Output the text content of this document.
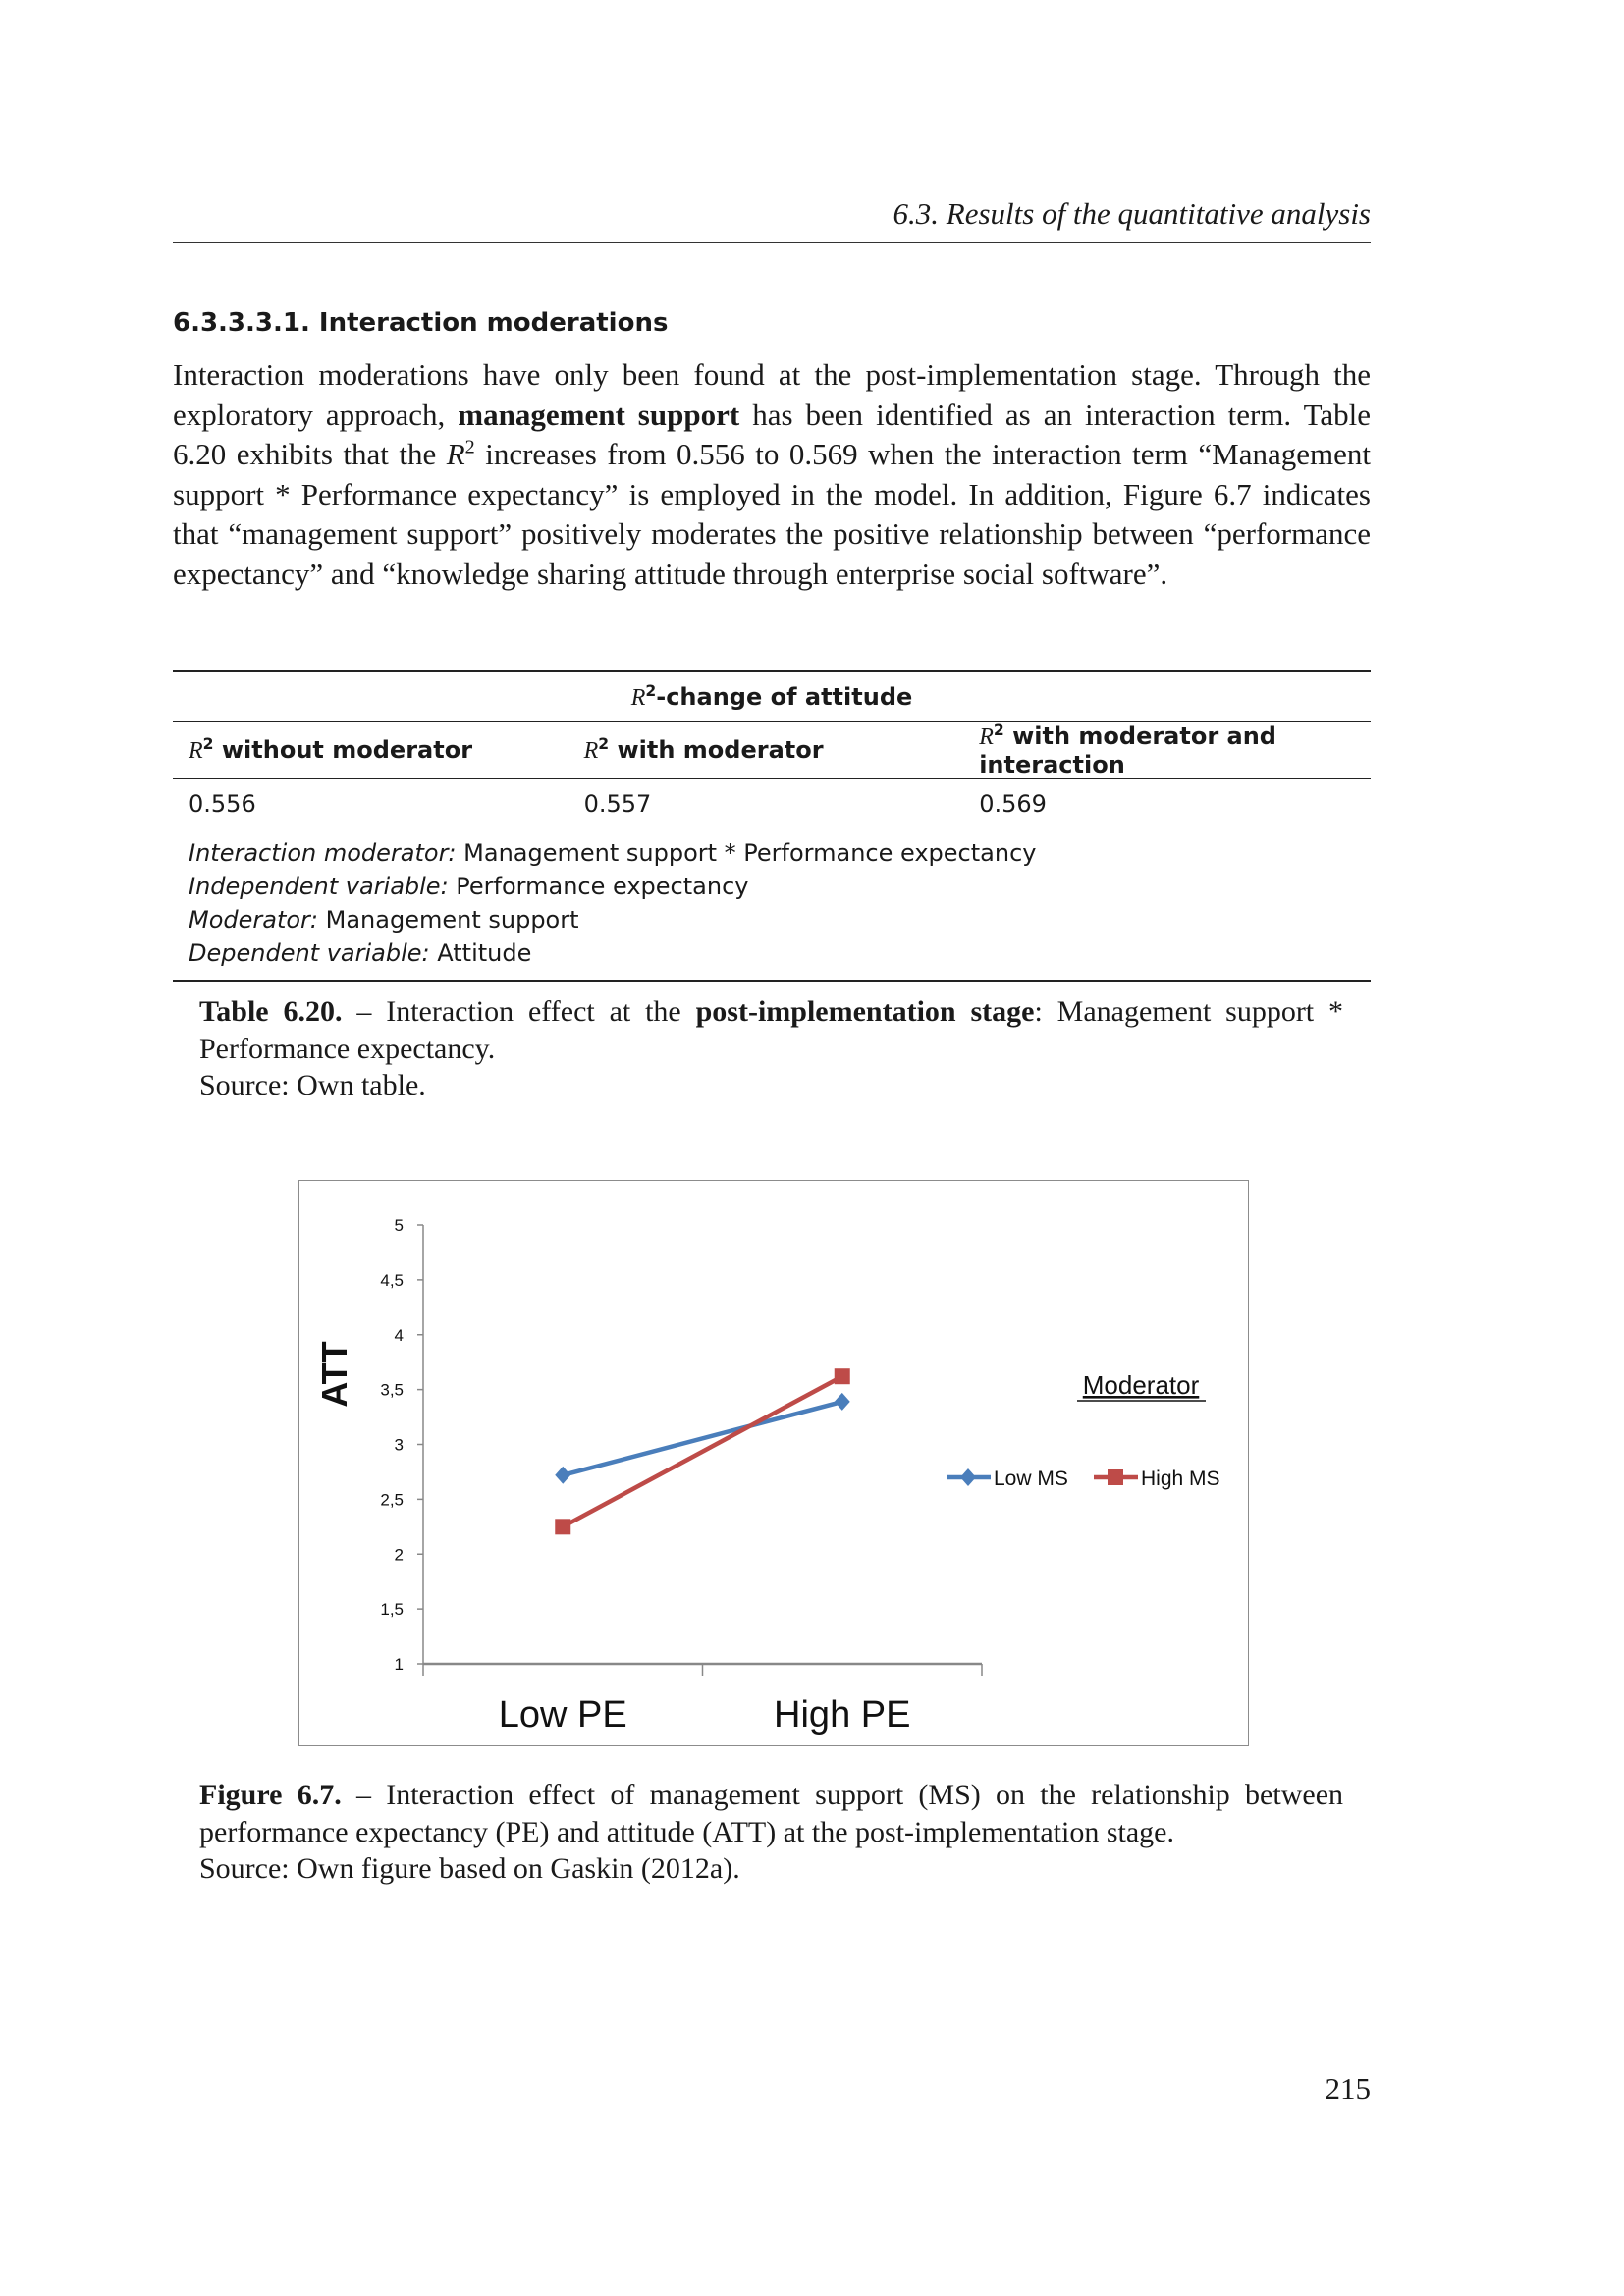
6.3. Results of the quantitative analysis
6.3.3.3.1. Interaction moderations
Interaction moderations have only been found at the post-implementation stage. Through the exploratory approach, management support has been identified as an interaction term. Table 6.20 exhibits that the $R^2$ increases from 0.556 to 0.569 when the interaction term “Management support * Performance expectancy” is employed in the model. In addition, Figure 6.7 indicates that “management support” positively moderates the positive relationship between “performance expectancy” and “knowledge sharing attitude through enterprise social software”.
$R^2$-change of attitude		
$R^2$ without moderator	$R^2$ with moderator	$R^2$ with moderator and interaction
0.556	0.557	0.569

Interaction moderator: Management support * Performance expectancy
Independent variable: Performance expectancy
Moderator: Management support
Dependent variable: Attitude		
Table 6.20. – Interaction effect at the post-implementation stage: Management support * Performance expectancy.
Source: Own table.
1
1,5
2
2,5
3
3,5
4
4,5
5
Low PE	High PE
ATT	Moderator
Low MS	High MS
Figure 6.7. – Interaction effect of management support (MS) on the relationship between performance expectancy (PE) and attitude (ATT) at the post-implementation stage.
Source: Own figure based on Gaskin (2012a).
215
